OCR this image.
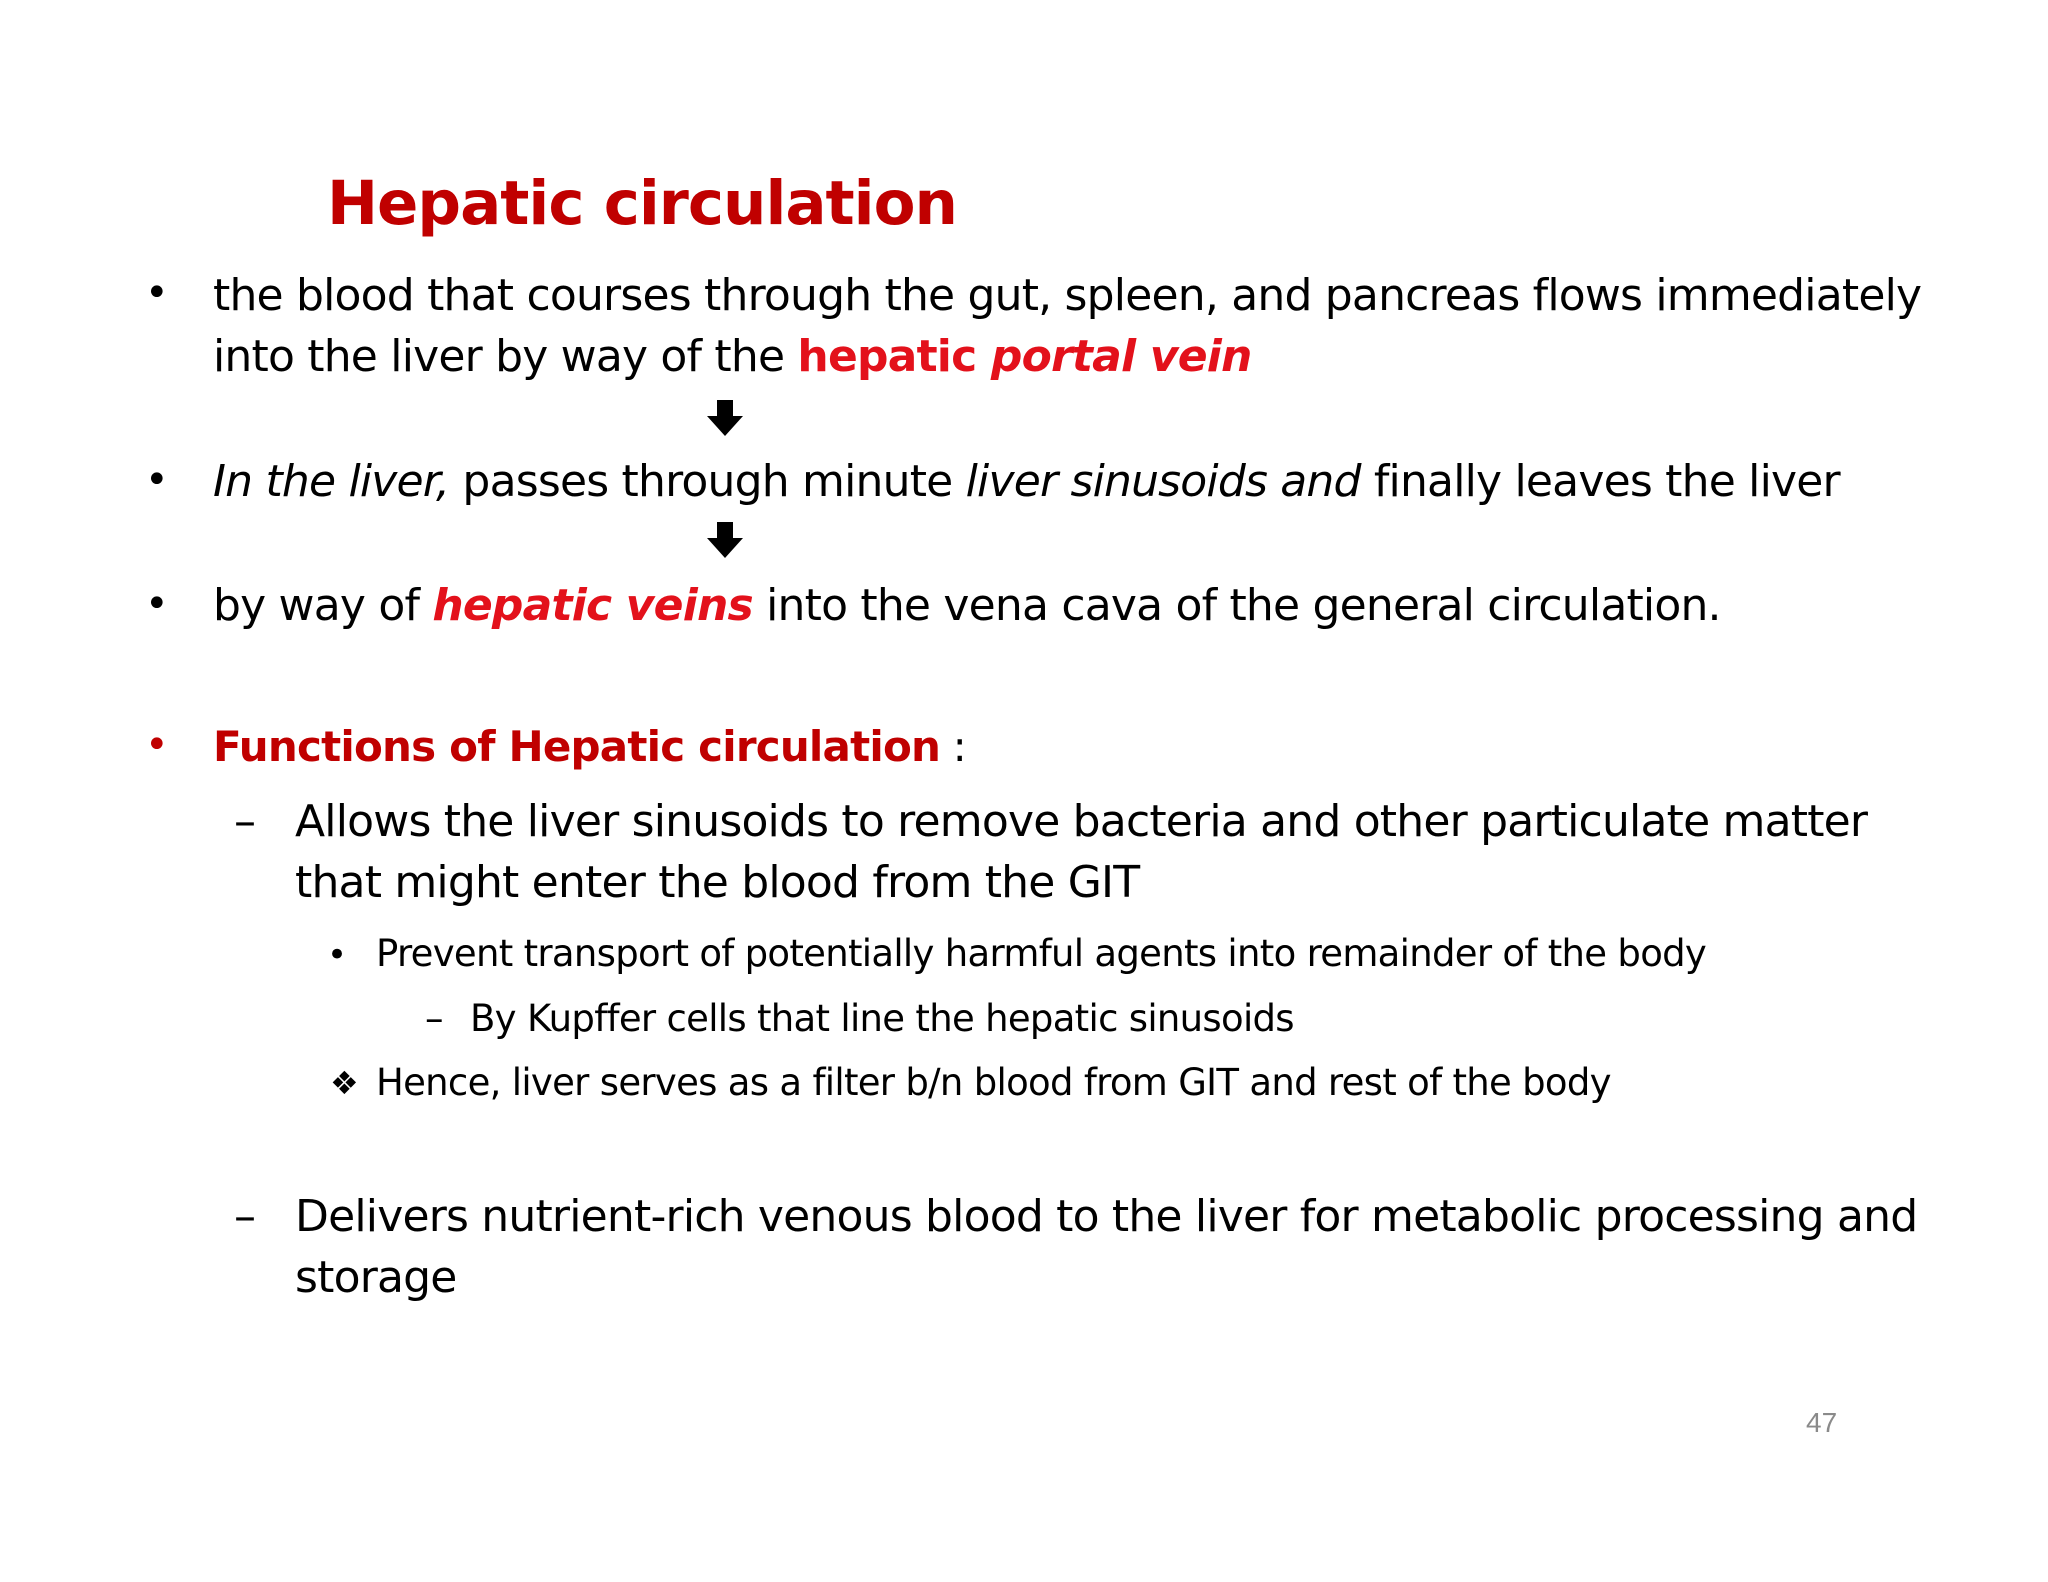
Hepatic circulation
• the blood that courses through the gut, spleen, and pancreas flows immediately
into the liver by way of the hepatic portal vein
• In the liver, passes through minute liver sinusoids and finally leaves the liver
• by way of hepatic veins into the vena cava of the general circulation.
• Functions of Hepatic circulation :
– Allows the liver sinusoids to remove bacteria and other particulate matter
that might enter the blood from the GIT
• Prevent transport of potentially harmful agents into remainder of the body
– By Kupffer cells that line the hepatic sinusoids
❖ Hence, liver serves as a filter b/n blood from GIT and rest of the body
– Delivers nutrient-rich venous blood to the liver for metabolic processing and
storage
47
